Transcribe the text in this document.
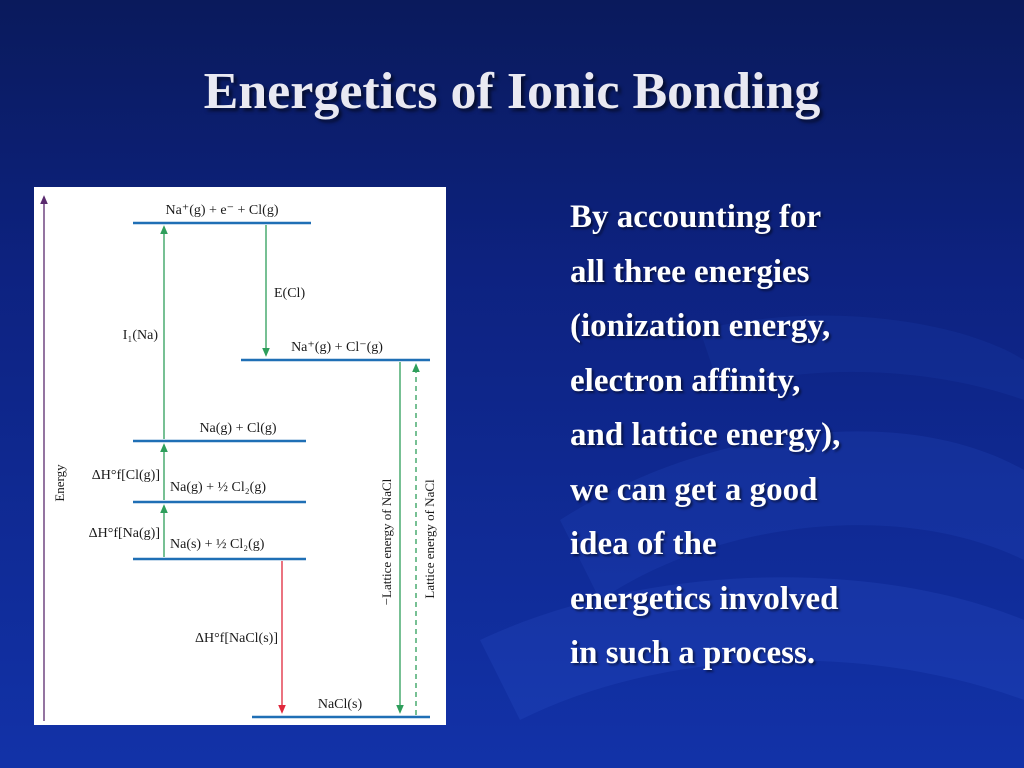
Energetics of Ionic Bonding
Energy
Na⁺(g) + e⁻ + Cl(g)
Na⁺(g) + Cl⁻(g)
Na(g) + Cl(g)
Na(g) + ½ Cl₂(g)
Na(s) + ½ Cl₂(g)
NaCl(s)
I₁(Na)
E(Cl)
ΔH°f[Cl(g)]
ΔH°f[Na(g)]
ΔH°f[NaCl(s)]
−Lattice energy of NaCl Lattice energy of NaCl
By accounting for
all three energies
(ionization energy,
electron affinity,
and lattice energy),
we can get a good
idea of the
energetics involved
in such a process.
